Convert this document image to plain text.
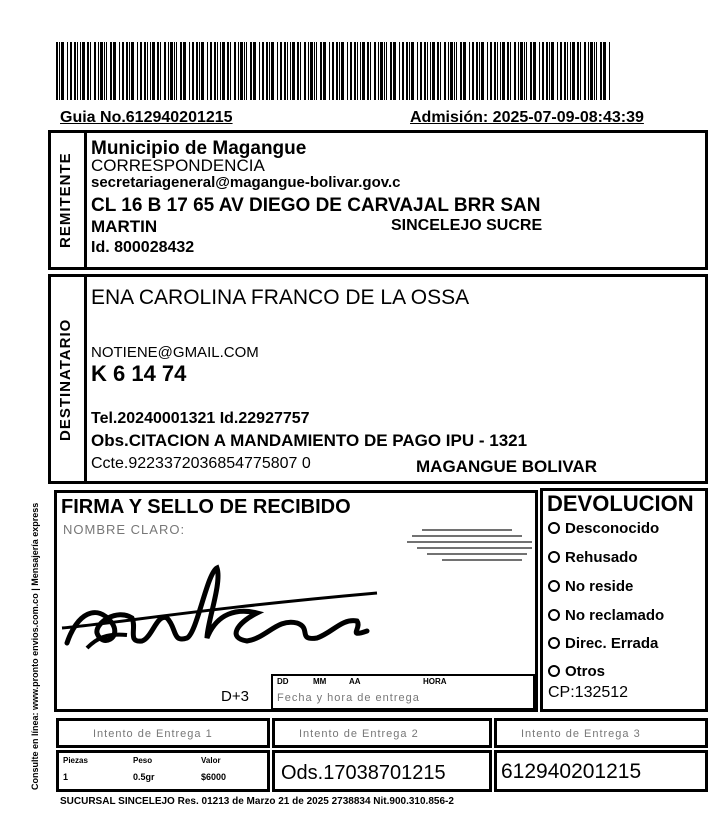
Guia No.612940201215	Admisión: 2025-07-09-08:43:39
REMITENTE
Municipio de Magangue
CORRESPONDENCIA
secretariageneral@magangue-bolivar.gov.c
CL 16 B 17 65 AV DIEGO DE CARVAJAL BRR SAN
MARTIN	SINCELEJO SUCRE
Id. 800028432
DESTINATARIO
ENA CAROLINA FRANCO DE LA OSSA
NOTIENE@GMAIL.COM
K 6 14 74
Tel.20240001321 Id.22927757
Obs.CITACION A MANDAMIENTO DE PAGO IPU - 1321
Ccte.9223372036854775807 0	MAGANGUE BOLIVAR
Consulte en línea: www.pronto envios.com.co | Mensajería express FIRMA Y SELLO DE RECIBIDO
NOMBRE CLARO:
D+3
DD	MM	AA	HORA
Fecha y hora de entrega
DEVOLUCION
Desconocido
Rehusado
No reside
No reclamado
Direc. Errada
Otros
CP:132512
Intento de Entrega 1	Intento de Entrega 2	Intento de Entrega 3
Piezas	Peso	Valor
1	0.5gr	$6000	Ods.17038701215	612940201215
SUCURSAL SINCELEJO Res. 01213 de Marzo 21 de 2025 2738834 Nit.900.310.856-2
